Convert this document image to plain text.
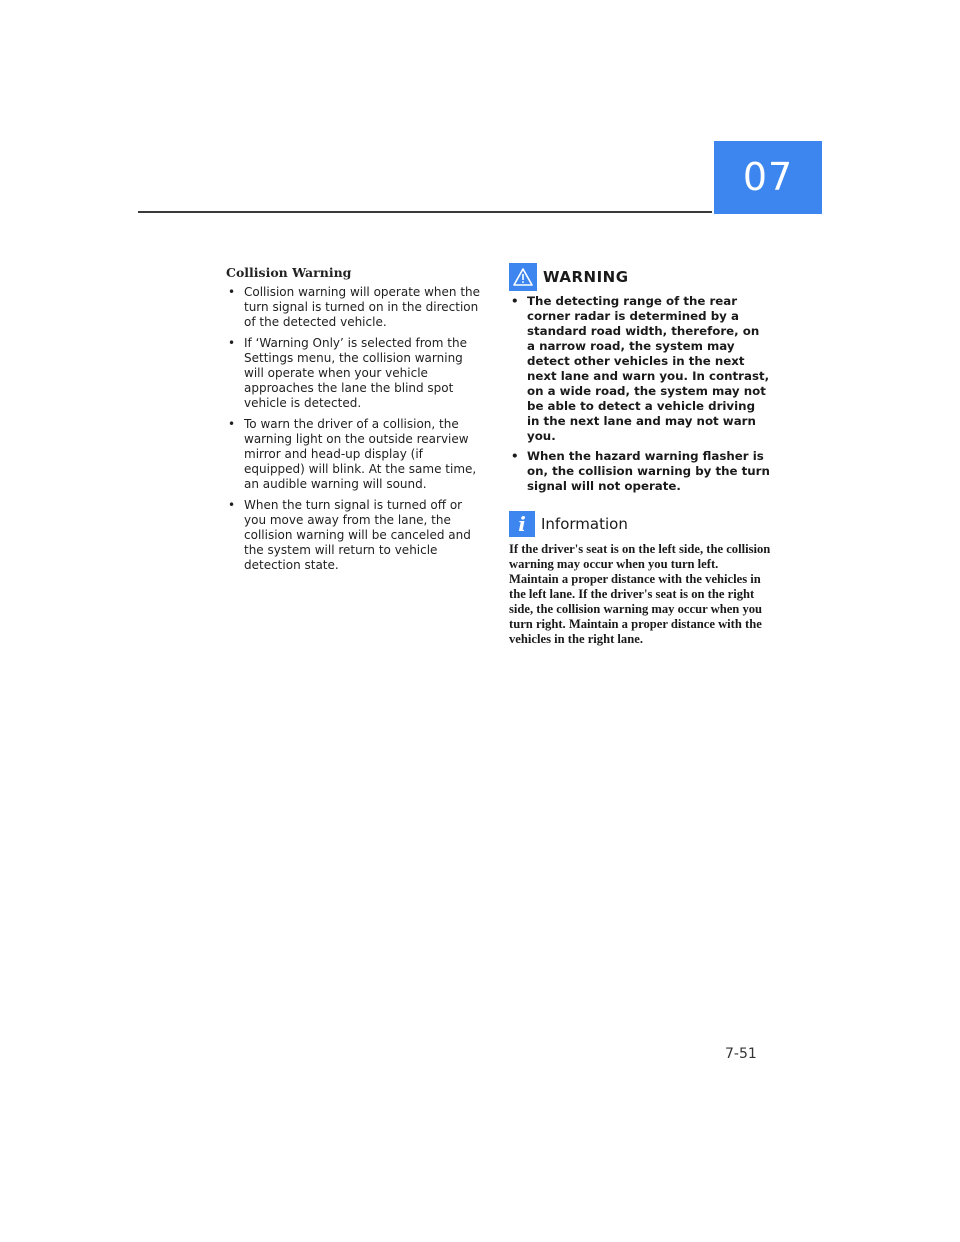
07
Collision Warning
• Collision warning will operate when the turn signal is turned on in the direction of the detected vehicle.
• If ‘Warning Only’ is selected from the Settings menu, the collision warning will operate when your vehicle approaches the lane the blind spot vehicle is detected.
• To warn the driver of a collision, the warning light on the outside rearview mirror and head-up display (if equipped) will blink. At the same time, an audible warning will sound.
• When the turn signal is turned off or you move away from the lane, the collision warning will be canceled and the system will return to vehicle detection state.
WARNING
• The detecting range of the rear corner radar is determined by a standard road width, therefore, on a narrow road, the system may detect other vehicles in the next next lane and warn you. In contrast, on a wide road, the system may not be able to detect a vehicle driving in the next lane and may not warn you.
• When the hazard warning flasher is on, the collision warning by the turn signal will not operate.
i	Information

If the driver's seat is on the left side, the collision warning may occur when you turn left. Maintain a proper distance with the vehicles in the left lane. If the driver's seat is on the right side, the collision warning may occur when you turn right. Maintain a proper distance with the vehicles in the right lane.

7-51
